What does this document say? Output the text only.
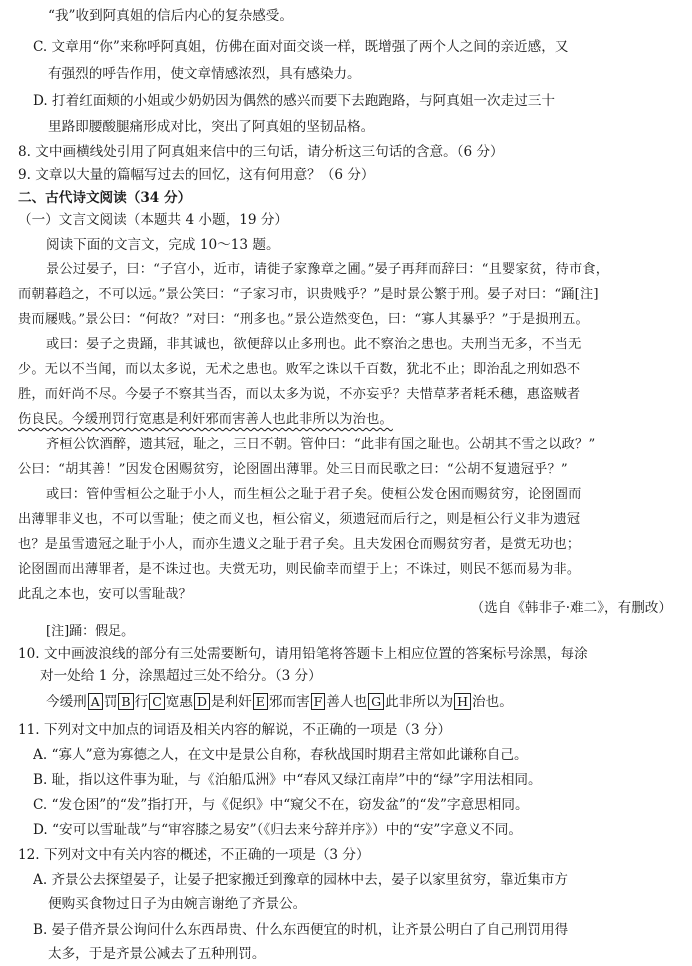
“我”收到阿真姐的信后内心的复杂感受。
C. 文章用“你”来称呼阿真姐，仿佛在面对面交谈一样，既增强了两个人之间的亲近感，又
有强烈的呼告作用，使文章情感浓烈，具有感染力。
D. 打着红面颊的小姐或少奶奶因为偶然的感兴而要下去跑跑路，与阿真姐一次走过三十
里路即腰酸腿痛形成对比，突出了阿真姐的坚韧品格。
8. 文中画横线处引用了阿真姐来信中的三句话，请分析这三句话的含意。（6 分）
9. 文章以大量的篇幅写过去的回忆，这有何用意？（6 分）
二、古代诗文阅读（34 分）
（一）文言文阅读（本题共 4 小题，19 分）
阅读下面的文言文，完成 10～13 题。
景公过晏子，曰：“子宫小，近市，请徙子家豫章之圃。”晏子再拜而辞曰：“且婴家贫，待市食，
而朝暮趋之，不可以远。”景公笑曰：“子家习市，识贵贱乎？”是时景公繁于刑。晏子对曰：“踊[注]
贵而屦贱。”景公曰：“何故？”对曰：“刑多也。”景公造然变色，曰：“寡人其暴乎？”于是损刑五。
或曰：晏子之贵踊，非其诚也，欲便辞以止多刑也。此不察治之患也。夫刑当无多，不当无
少。无以不当闻，而以太多说，无术之患也。败军之诛以千百数，犹北不止；即治乱之刑如恐不
胜，而奸尚不尽。今晏子不察其当否，而以太多为说，不亦妄乎？夫惜草茅者耗禾穗，惠盗贼者
伤良民。今缓刑罚行宽惠是利奸邪而害善人也此非所以为治也。
齐桓公饮酒醉，遗其冠，耻之，三日不朝。管仲曰：“此非有国之耻也。公胡其不雪之以政？”
公曰：“胡其善！”因发仓困赐贫穷，论囹圄出薄罪。处三日而民歌之曰：“公胡不复遗冠乎？”
或曰：管仲雪桓公之耻于小人，而生桓公之耻于君子矣。使桓公发仓困而赐贫穷，论囹圄而
出薄罪非义也，不可以雪耻；使之而义也，桓公宿义，须遗冠而后行之，则是桓公行义非为遗冠
也？是虽雪遗冠之耻于小人，而亦生遗义之耻于君子矣。且夫发困仓而赐贫穷者，是赏无功也；
论囹圄而出薄罪者，是不诛过也。夫赏无功，则民偷幸而望于上；不诛过，则民不惩而易为非。
此乱之本也，安可以雪耻哉？
（选自《韩非子·难二》，有删改）
[注]踊：假足。
10. 文中画波浪线的部分有三处需要断句，请用铅笔将答题卡上相应位置的答案标号涂黑，每涂
对一处给 1 分，涂黑超过三处不给分。（3 分）
今缓刑 A 罚 B 行 C 宽惠 D 是利奸 E 邪而害 F 善人也 G 此非所以为 H 治也。
11. 下列对文中加点的词语及相关内容的解说，不正确的一项是（3 分）
A. “寡人”意为寡德之人，在文中是景公自称，春秋战国时期君主常如此谦称自己。
B. 耻，指以这件事为耻，与《泊船瓜洲》中“春风又绿江南岸”中的“绿”字用法相同。
C. “发仓困”的“发”指打开，与《促织》中“窥父不在，窃发盆”的“发”字意思相同。
D. “安可以雪耻哉”与“审容膝之易安”（《归去来兮辞并序》）中的“安”字意义不同。
12. 下列对文中有关内容的概述，不正确的一项是（3 分）
A. 齐景公去探望晏子，让晏子把家搬迁到豫章的园林中去，晏子以家里贫穷，靠近集市方
便购买食物过日子为由婉言谢绝了齐景公。
B. 晏子借齐景公询问什么东西昂贵、什么东西便宜的时机，让齐景公明白了自己刑罚用得
太多，于是齐景公减去了五种刑罚。
